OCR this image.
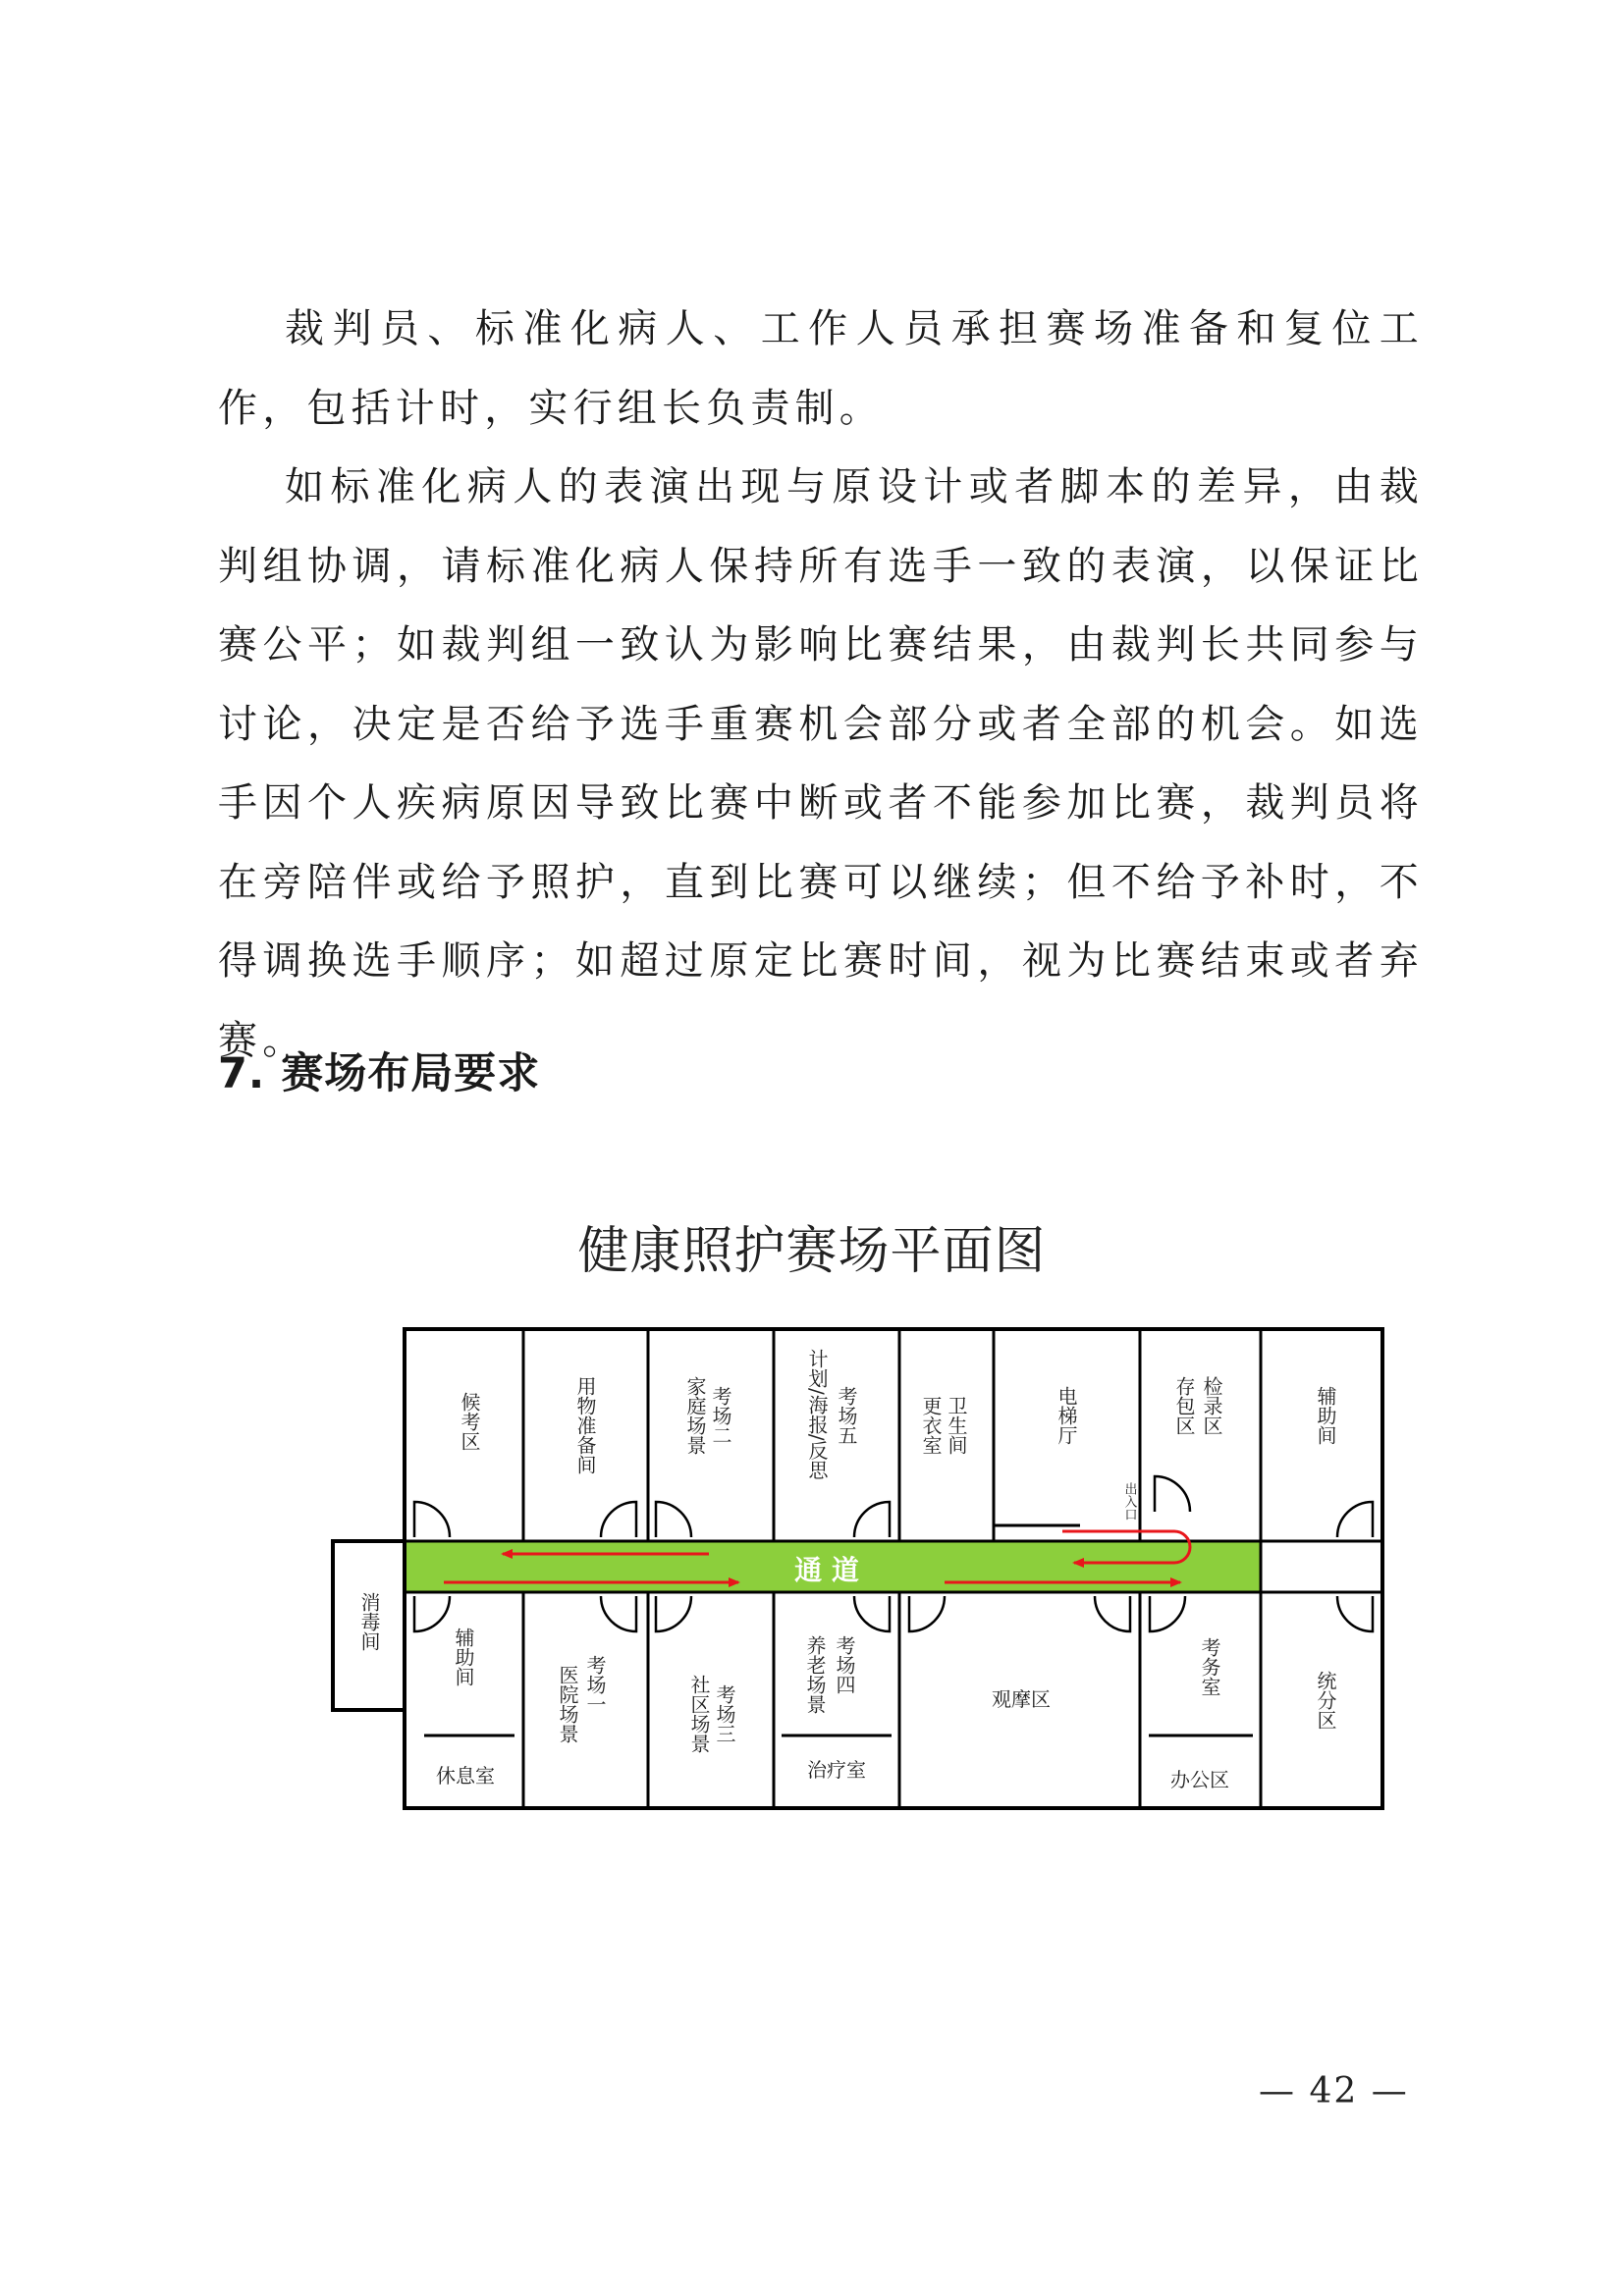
裁判员、标准化病人、工作人员承担赛场准备和复位工作，包括计时，实行组长负责制。

如标准化病人的表演出现与原设计或者脚本的差异，由裁判组协调，请标准化病人保持所有选手一致的表演，以保证比赛公平；如裁判组一致认为影响比赛结果，由裁判长共同参与讨论，决定是否给予选手重赛机会部分或者全部的机会。如选手因个人疾病原因导致比赛中断或者不能参加比赛，裁判员将在旁陪伴或给予照护，直到比赛可以继续；但不给予补时，不得调换选手顺序；如超过原定比赛时间，视为比赛结束或者弃赛。

7. 赛场布局要求
健康照护赛场平面图
通 道
候考区	用物准备间	考场二
家庭场景	考场五
计划/海报/反思	卫生间
更衣室	电梯厅	检录区
存包区	辅助间
消毒间
出入口
辅助间	考场一
医院场景	考场三
社区场景
考场四
养老场景	考务室
统分区
休息室	治疗室
观摩区
办公区
— 42 —
